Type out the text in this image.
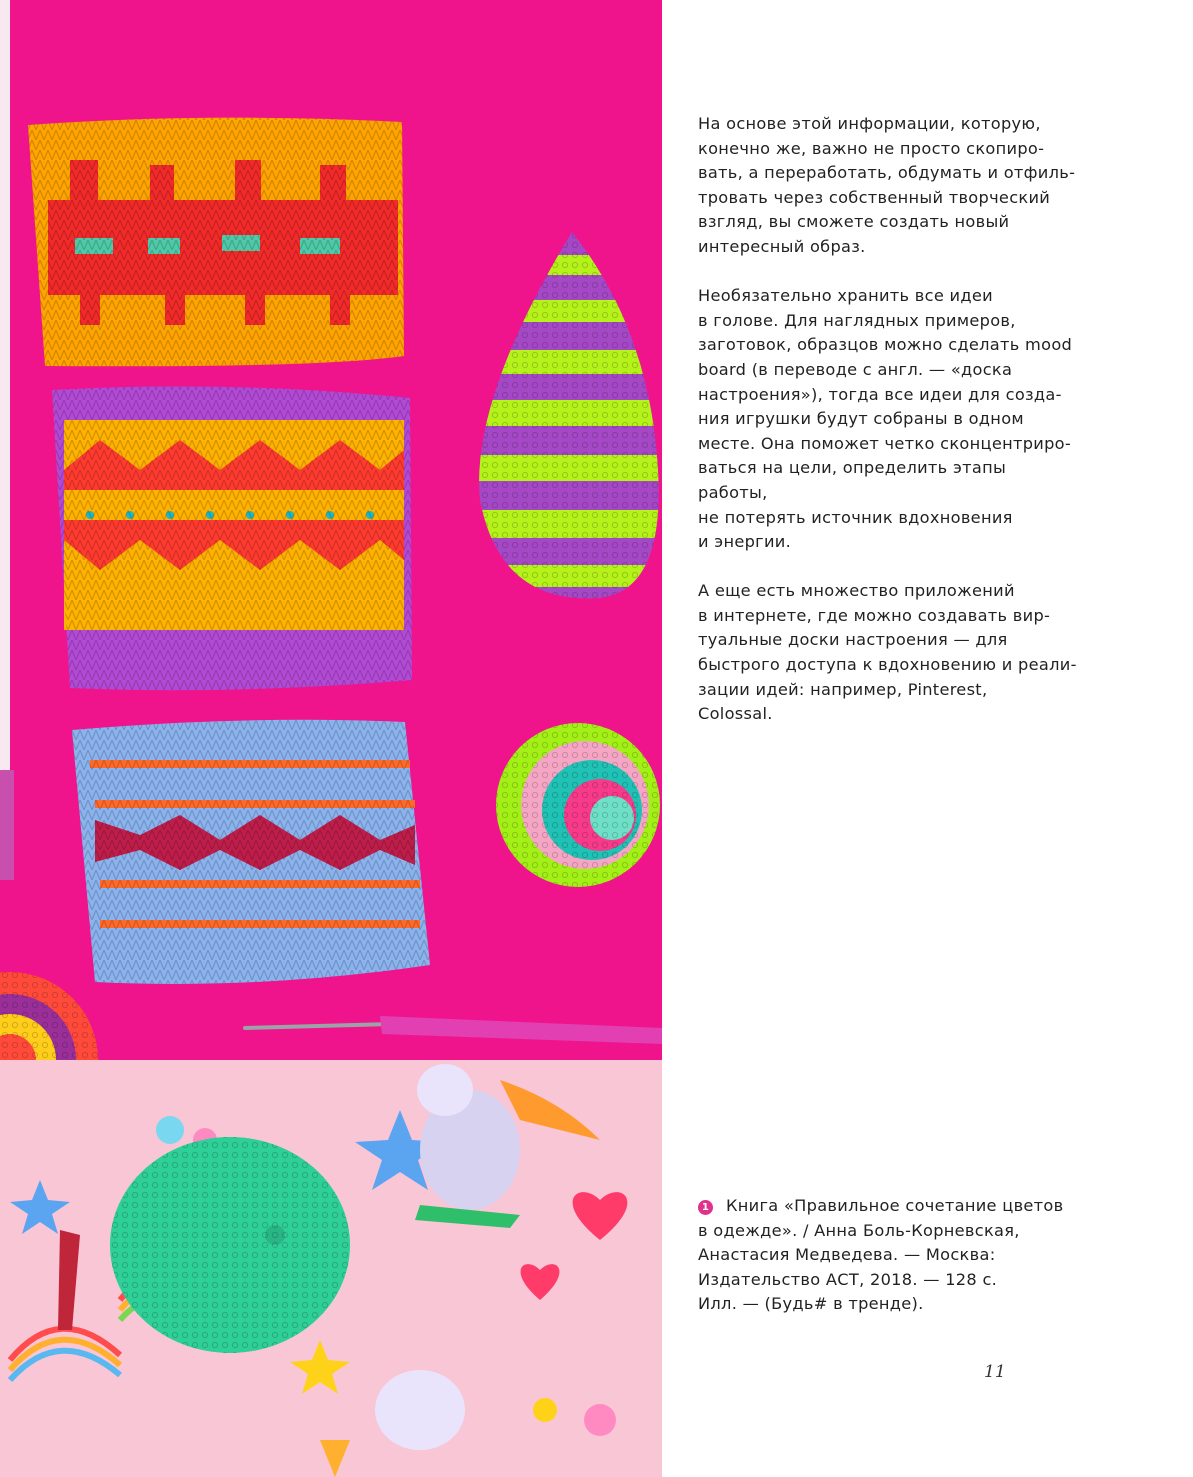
На основе этой информации, которую,
конечно же, важно не просто скопиро-
вать, а переработать, обдумать и отфиль-
тровать через собственный творческий
взгляд, вы сможете создать новый
интересный образ.

Необязательно хранить все идеи
в голове. Для наглядных примеров,
заготовок, образцов можно сделать mood
board (в переводе с англ. — «доска
настроения»), тогда все идеи для созда-
ния игрушки будут собраны в одном
месте. Она поможет четко сконцентриро-
ваться на цели, определить этапы работы,
не потерять источник вдохновения
и энергии.

А еще есть множество приложений
в интернете, где можно создавать вир-
туальные доски настроения — для
быстрого доступа к вдохновению и реали-
зации идей: например, Pinterest,
Colossal.

1 Книга «Правильное сочетание цветов
в одежде». / Анна Боль-Корневская,
Анастасия Медведева. — Москва:
Издательство АСТ, 2018. — 128 с.
Илл. — (Будь# в тренде).
11
